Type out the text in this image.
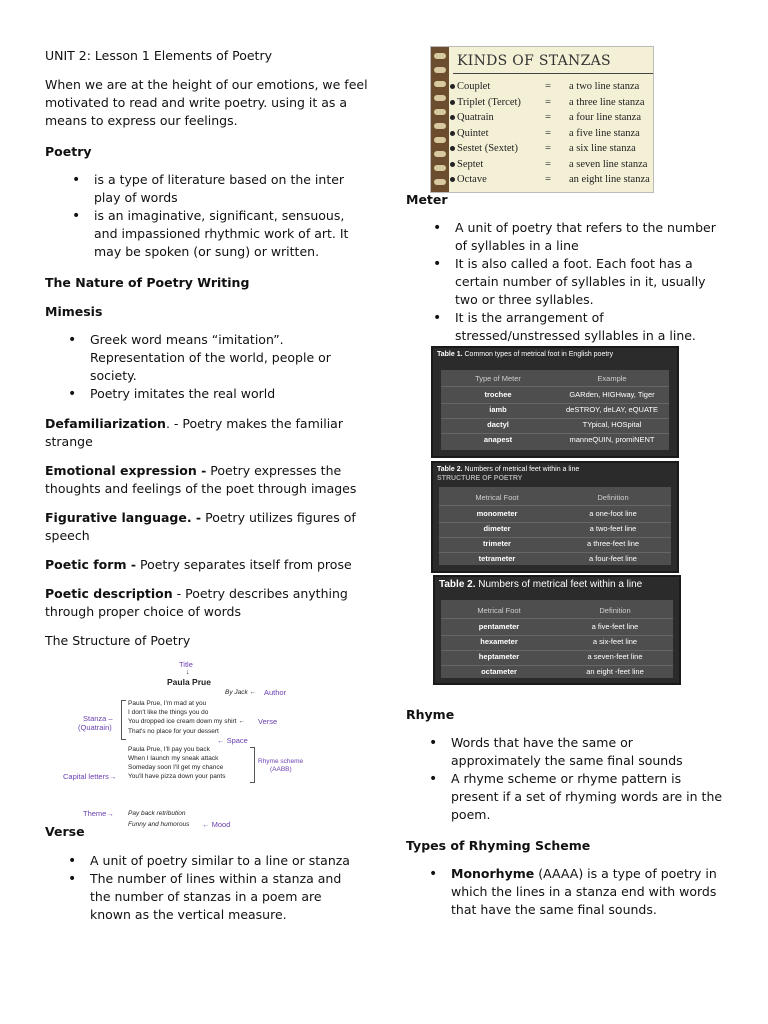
UNIT 2: Lesson 1 Elements of Poetry

When we are at the height of our emotions, we feel motivated to read and write poetry. using it as a means to express our feelings.

Poetry
• is a type of literature based on the inter play of words
• is an imaginative, significant, sensuous, and impassioned rhythmic work of art. It may be spoken (or sung) or written.
The Nature of Poetry Writing
Mimesis
• Greek word means “imitation”. Representation of the world, people or society.
• Poetry imitates the real world

Defamiliarization. - Poetry makes the familiar strange

Emotional expression - Poetry expresses the thoughts and feelings of the poet through images

Figurative language. - Poetry utilizes figures of speech

Poetic form - Poetry separates itself from prose

Poetic description - Poetry describes anything through proper choice of words

The Structure of Poetry

Title
↓
Paula Prue
By Jack ← Author
Stanza –
(Quatrain)
Paula Prue, I'm mad at you
I don't like the things you do
You dropped ice cream down my shirt ← Verse
That's no place for your dessert
← Space
Paula Prue, I'll pay you back
When I launch my sneak attack
Someday soon I'll get my chance
You'll have pizza down your pants
Rhyme scheme
(AABB)
Capital letters→
Theme→ Pay back retribution
Funny and humorous ← Mood
Verse
• A unit of poetry similar to a line or stanza
• The number of lines within a stanza and the number of stanzas in a poem are known as the vertical measure.
KINDS OF STANZAS
Couplet	= a two line stanza
Triplet (Tercet)	= a three line stanza
Quatrain	= a four line stanza
Quintet	= a five line stanza
Sestet (Sextet)	= a six line stanza
Septet	= a seven line stanza
Octave	= an eight line stanza
Meter
• A unit of poetry that refers to the number of syllables in a line
• It is also called a foot. Each foot has a certain number of syllables in it, usually two or three syllables.
• It is the arrangement of stressed/unstressed syllables in a line.
Table 1. Common types of metrical foot in English poetry
Type of Meter	Example
trochee	GARden, HIGHway, Tiger
iamb	deSTROY, deLAY, eQUATE
dactyl	TYpical, HOSpital
anapest	manneQUIN, promiNENT
Table 2. Numbers of metrical feet within a line
STRUCTURE OF POETRY
Metrical Foot	Definition
monometer	a one-foot line
dimeter	a two-feet line
trimeter	a three-feet line
tetrameter	a four-feet line
Table 2. Numbers of metrical feet within a line
Metrical Foot	Definition
pentameter	a five-feet line
hexameter	a six-feet line
heptameter	a seven-feet line
octameter	an eight -feet line
Rhyme
• Words that have the same or approximately the same final sounds
• A rhyme scheme or rhyme pattern is present if a set of rhyming words are in the poem.
Types of Rhyming Scheme
• Monorhyme (AAAA) is a type of poetry in which the lines in a stanza end with words that have the same final sounds.
